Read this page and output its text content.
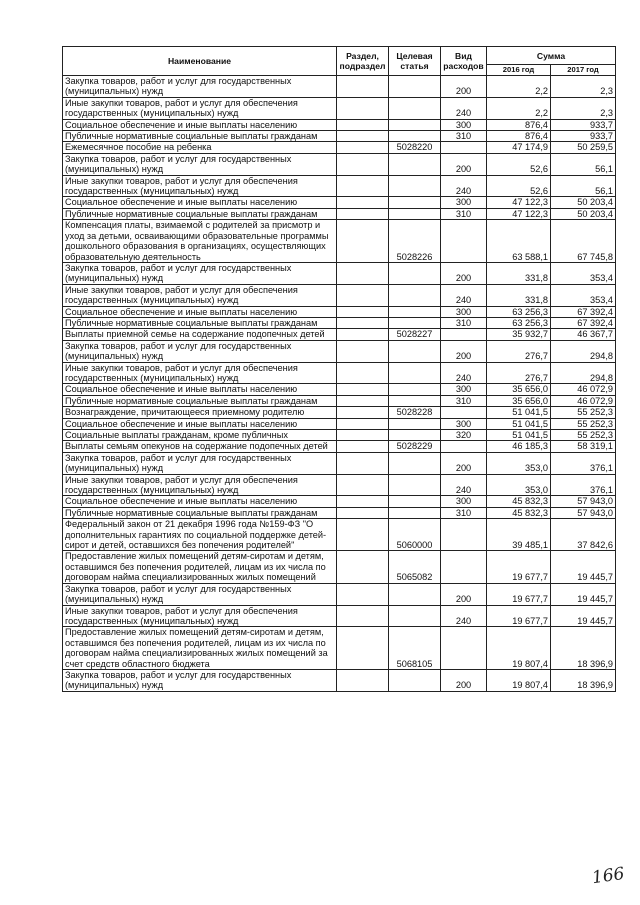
Наименование	Раздел, подраздел	Целевая статья	Вид расходов	Сумма	
				2016 год	2017 год
Закупка товаров, работ и услуг для государственных (муниципальных) нужд			200	2,2	2,3
Иные закупки товаров, работ и услуг для обеспечения государственных (муниципальных) нужд			240	2,2	2,3
Социальное обеспечение и иные выплаты населению			300	876,4	933,7
Публичные нормативные социальные выплаты гражданам			310	876,4	933,7
Ежемесячное пособие на ребенка		5028220		47 174,9	50 259,5
Закупка товаров, работ и услуг для государственных (муниципальных) нужд			200	52,6	56,1
Иные закупки товаров, работ и услуг для обеспечения государственных (муниципальных) нужд			240	52,6	56,1
Социальное обеспечение и иные выплаты населению			300	47 122,3	50 203,4
Публичные нормативные социальные выплаты гражданам			310	47 122,3	50 203,4
Компенсация платы, взимаемой с родителей за присмотр и уход за детьми, осваивающими образовательные программы дошкольного образования в организациях, осуществляющих образовательную деятельность		5028226		63 588,1	67 745,8
Закупка товаров, работ и услуг для государственных (муниципальных) нужд			200	331,8	353,4
Иные закупки товаров, работ и услуг для обеспечения государственных (муниципальных) нужд			240	331,8	353,4
Социальное обеспечение и иные выплаты населению			300	63 256,3	67 392,4
Публичные нормативные социальные выплаты гражданам			310	63 256,3	67 392,4
Выплаты приемной семье на содержание подопечных детей		5028227		35 932,7	46 367,7
Закупка товаров, работ и услуг для государственных (муниципальных) нужд			200	276,7	294,8
Иные закупки товаров, работ и услуг для обеспечения государственных (муниципальных) нужд			240	276,7	294,8
Социальное обеспечение и иные выплаты населению			300	35 656,0	46 072,9
Публичные нормативные социальные выплаты гражданам			310	35 656,0	46 072,9
Вознаграждение, причитающееся приемному родителю		5028228		51 041,5	55 252,3
Социальное обеспечение и иные выплаты населению			300	51 041,5	55 252,3
Социальные выплаты гражданам, кроме публичных			320	51 041,5	55 252,3
Выплаты семьям опекунов на содержание подопечных детей		5028229		46 185,3	58 319,1
Закупка товаров, работ и услуг для государственных (муниципальных) нужд			200	353,0	376,1
Иные закупки товаров, работ и услуг для обеспечения государственных (муниципальных) нужд			240	353,0	376,1
Социальное обеспечение и иные выплаты населению			300	45 832,3	57 943,0
Публичные нормативные социальные выплаты гражданам			310	45 832,3	57 943,0
Федеральный закон от 21 декабря 1996 года №159-ФЗ "О дополнительных гарантиях по социальной поддержке детей-сирот и детей, оставшихся без попечения родителей"		5060000		39 485,1	37 842,6
Предоставление жилых помещений детям-сиротам и детям, оставшимся без попечения родителей, лицам из их числа по договорам найма специализированных жилых помещений		5065082		19 677,7	19 445,7
Закупка товаров, работ и услуг для государственных (муниципальных) нужд			200	19 677,7	19 445,7
Иные закупки товаров, работ и услуг для обеспечения государственных (муниципальных) нужд			240	19 677,7	19 445,7
Предоставление жилых помещений детям-сиротам и детям, оставшимся без попечения родителей, лицам из их числа по договорам найма специализированных жилых помещений за счет средств областного бюджета		5068105		19 807,4	18 396,9
Закупка товаров, работ и услуг для государственных (муниципальных) нужд			200	19 807,4	18 396,9
166
